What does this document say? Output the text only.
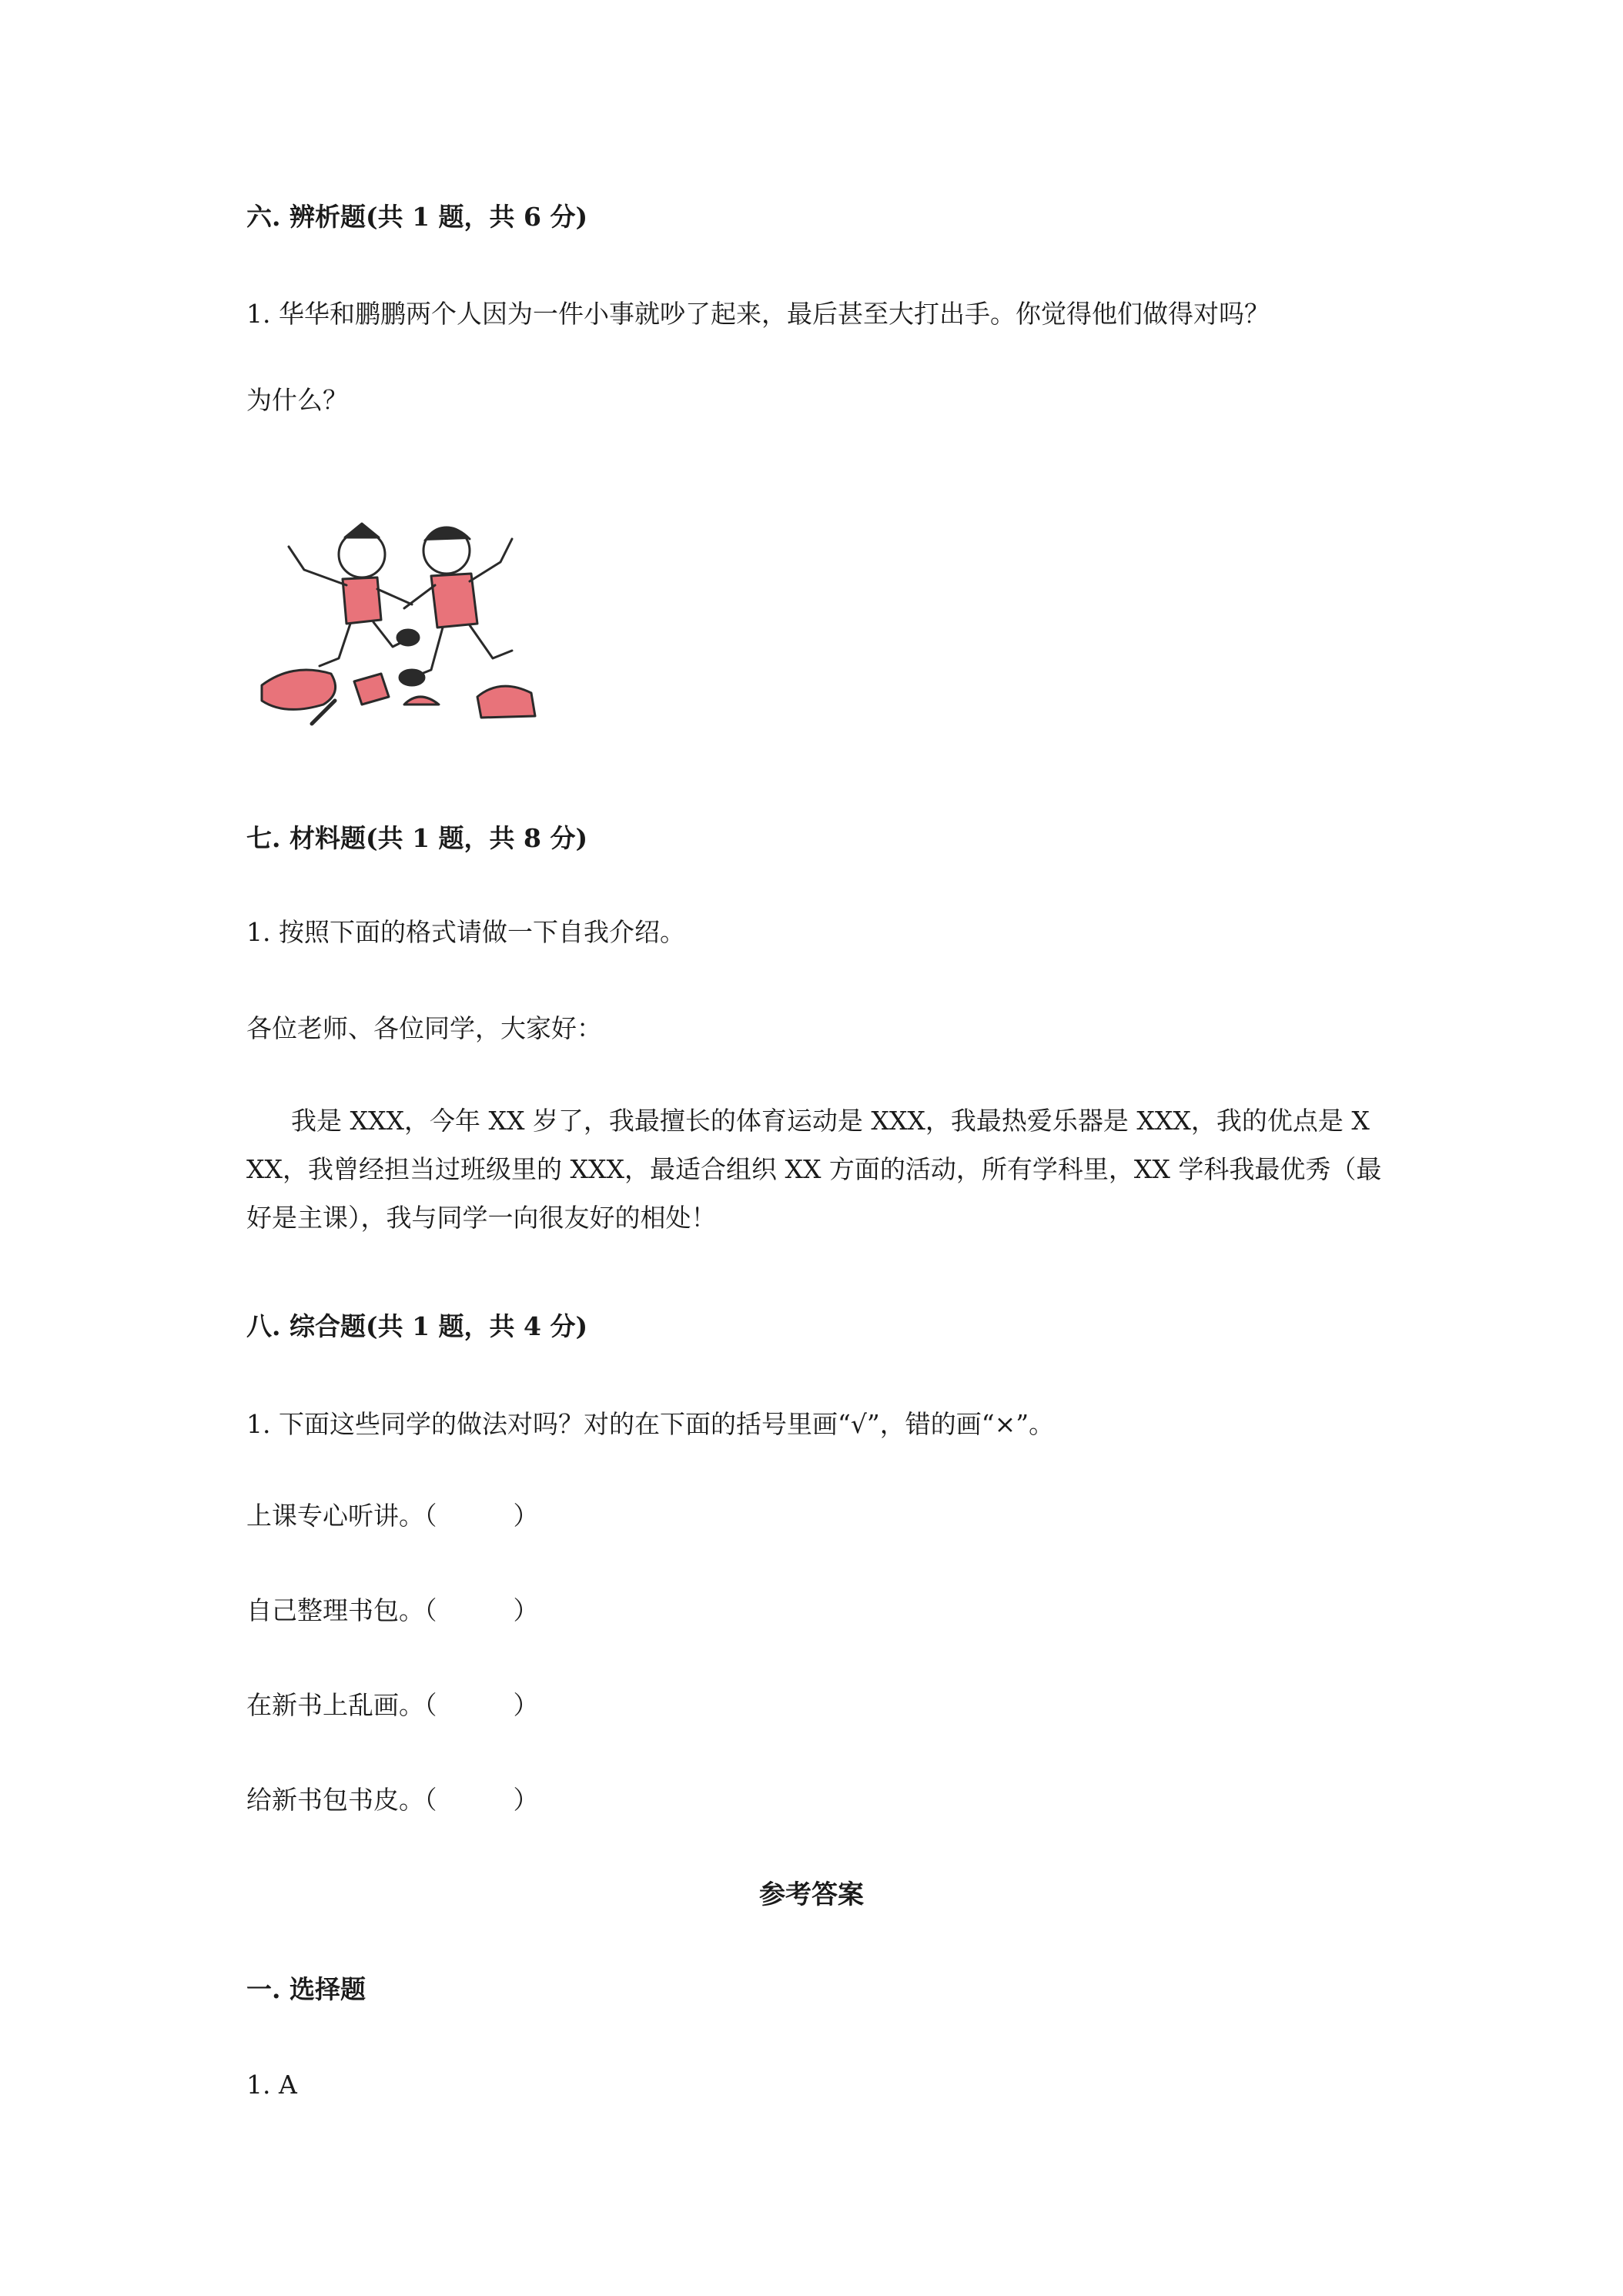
六. 辨析题(共 1 题，共 6 分)
1. 华华和鹏鹏两个人因为一件小事就吵了起来，最后甚至大打出手。你觉得他们做得对吗？
为什么？
七. 材料题(共 1 题，共 8 分)
1. 按照下面的格式请做一下自我介绍。
各位老师、各位同学，大家好：

我是 XXX，今年 XX 岁了，我最擅长的体育运动是 XXX，我最热爱乐器是 XXX，我的优点是 XXX，我曾经担当过班级里的 XXX，最适合组织 XX 方面的活动，所有学科里，XX 学科我最优秀（最好是主课），我与同学一向很友好的相处！

八. 综合题(共 1 题，共 4 分)
1. 下面这些同学的做法对吗？对的在下面的括号里画“√”，错的画“×”。
上课专心听讲。（　　　）
自己整理书包。（　　　）
在新书上乱画。（　　　）
给新书包书皮。（　　　）
参考答案
一. 选择题
1. A
